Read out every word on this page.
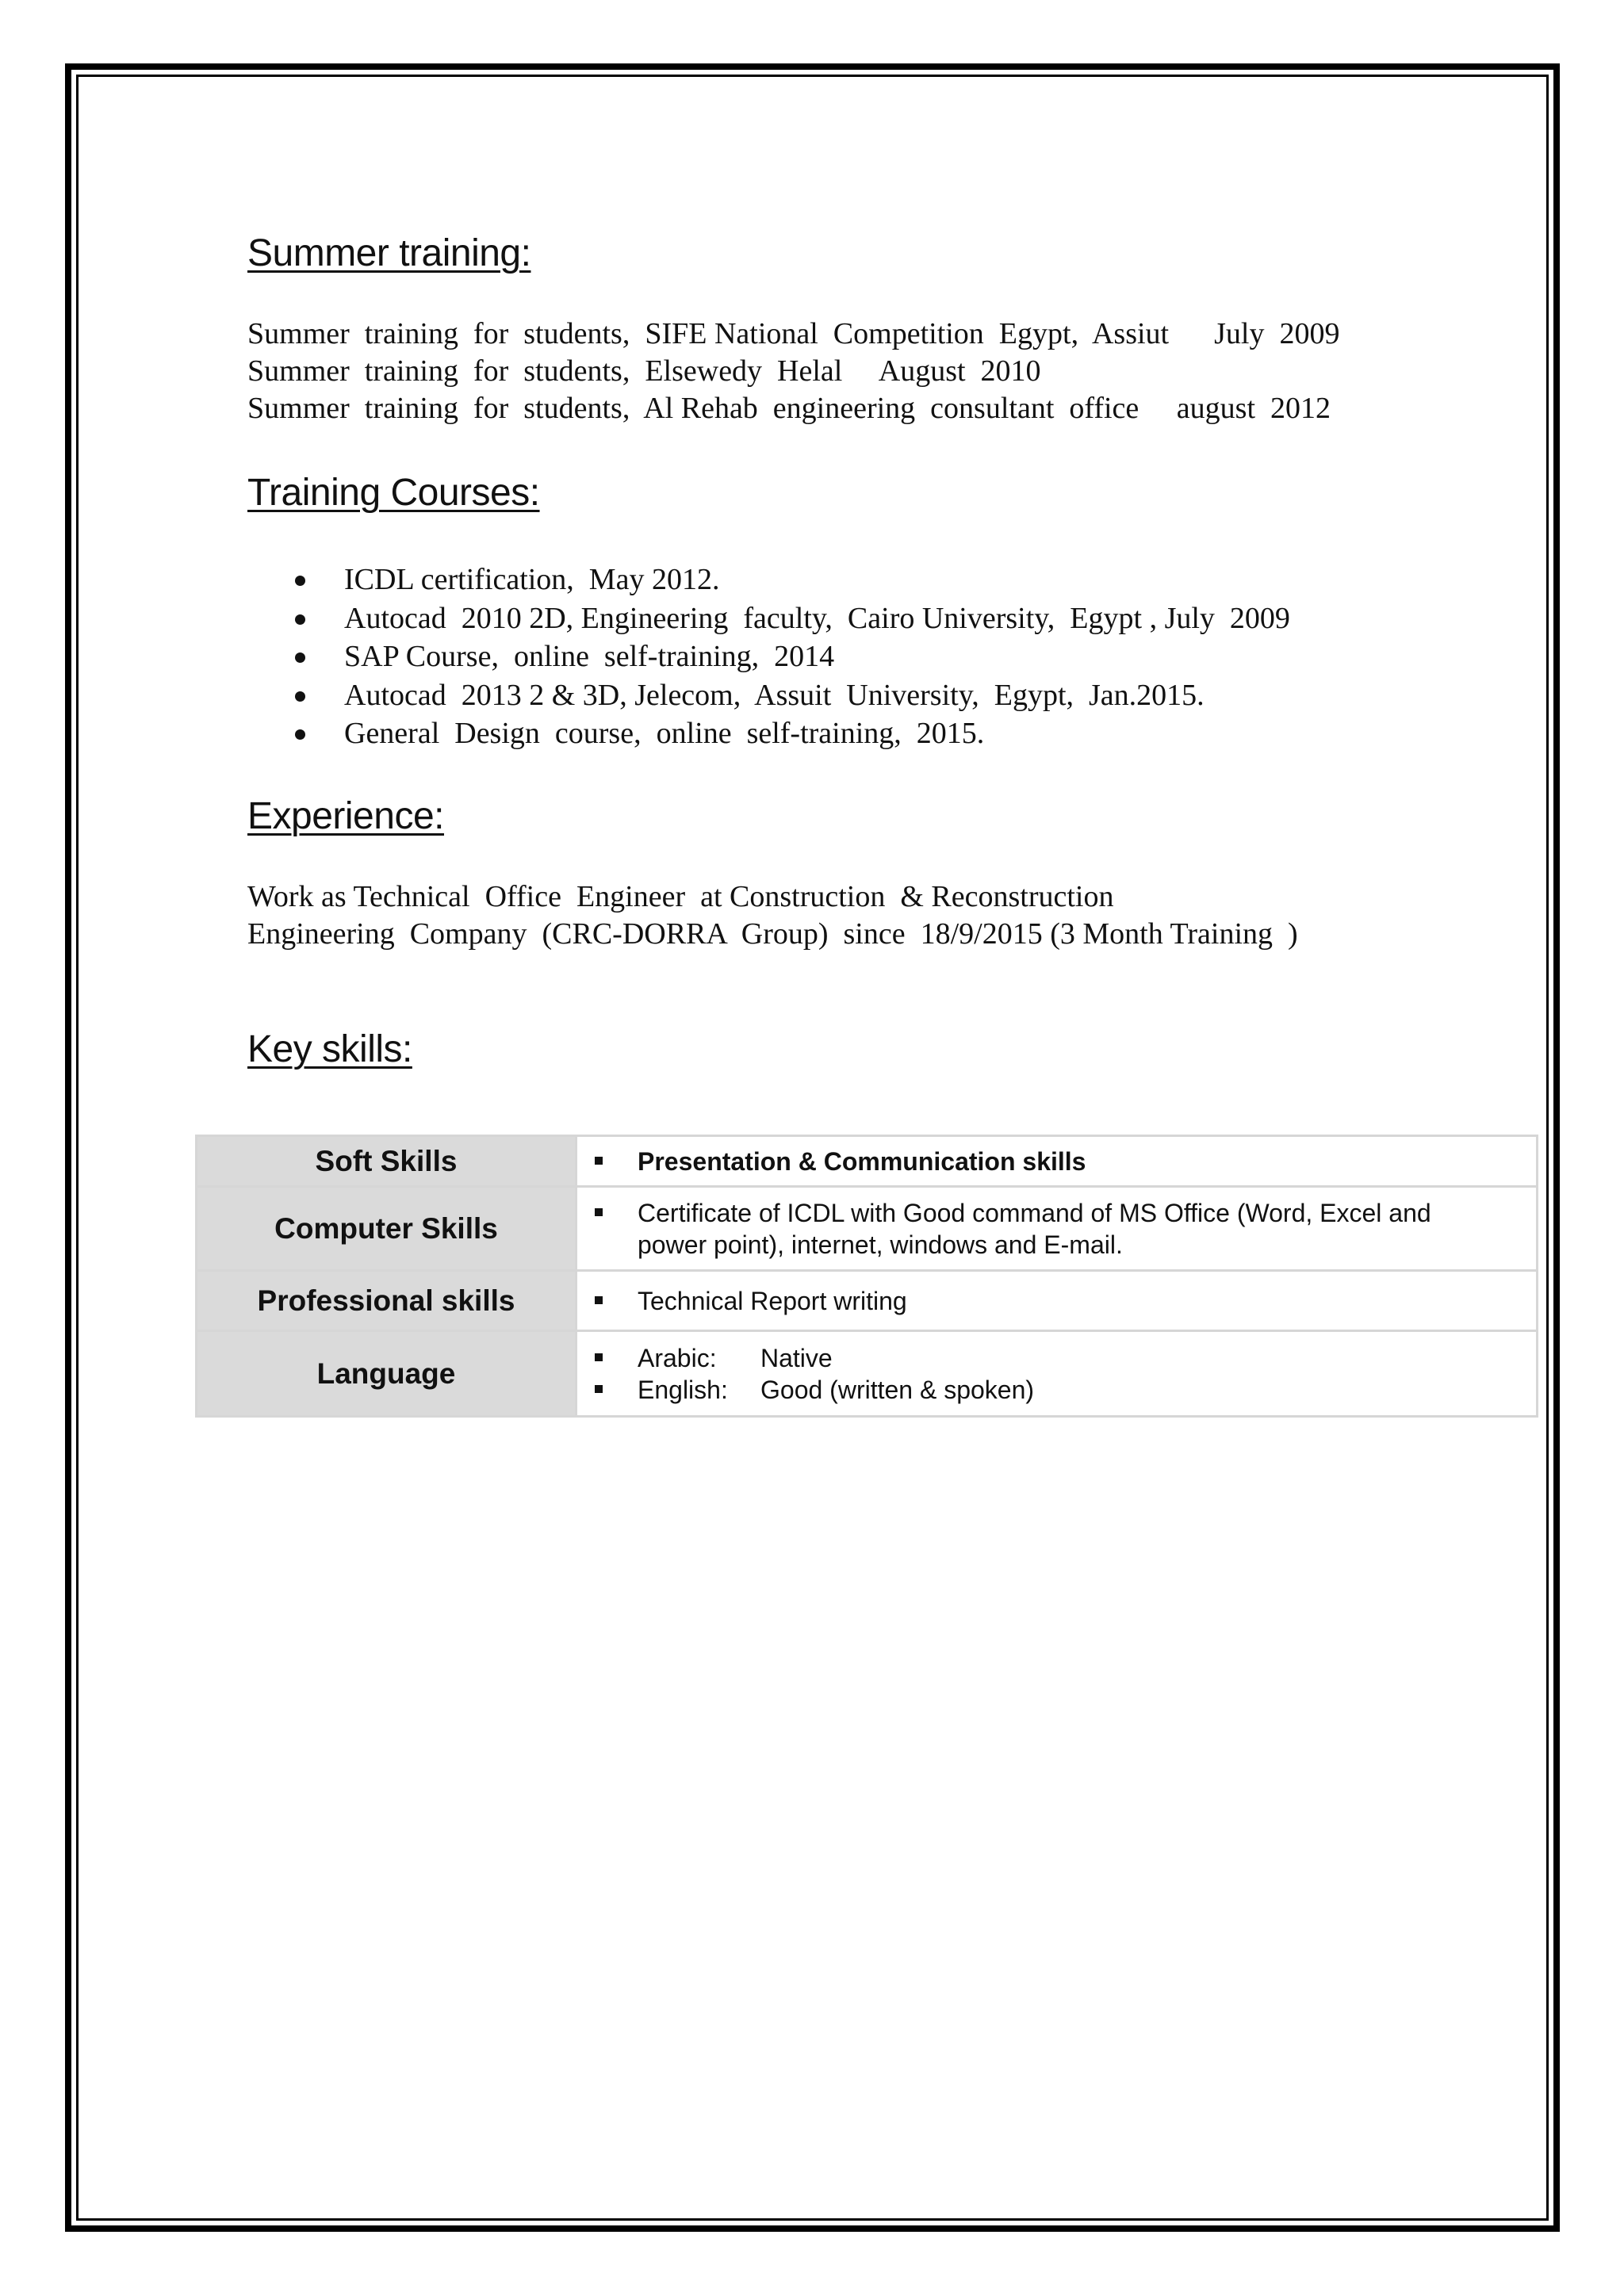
Summer training:

Summer  training  for  students,  SIFE National  Competition  Egypt,  Assiut      July  2009

Summer  training  for  students,  Elsewedy  Helal     August  2010

Summer  training  for  students,  Al Rehab  engineering  consultant  office     august  2012

Training Courses:
ICDL certification,  May 2012.
Autocad  2010 2D, Engineering  faculty,  Cairo University,  Egypt , July  2009
SAP Course,  online  self-training,  2014
Autocad  2013 2 & 3D, Jelecom,  Assuit  University,  Egypt,  Jan.2015.
General  Design  course,  online  self-training,  2015.
Experience:

Work as Technical  Office  Engineer  at Construction  & Reconstruction

Engineering  Company  (CRC-DORRA  Group)  since  18/9/2015 (3 Month Training  )

Key skills:
Soft Skills	Presentation & Communication skills

Computer Skills	Certificate of ICDL with Good command of MS Office (Word, Excel and power point), internet, windows and E-mail.

Professional skills	Technical Report writing

Language	Arabic: Native
English: Good (written & spoken)
